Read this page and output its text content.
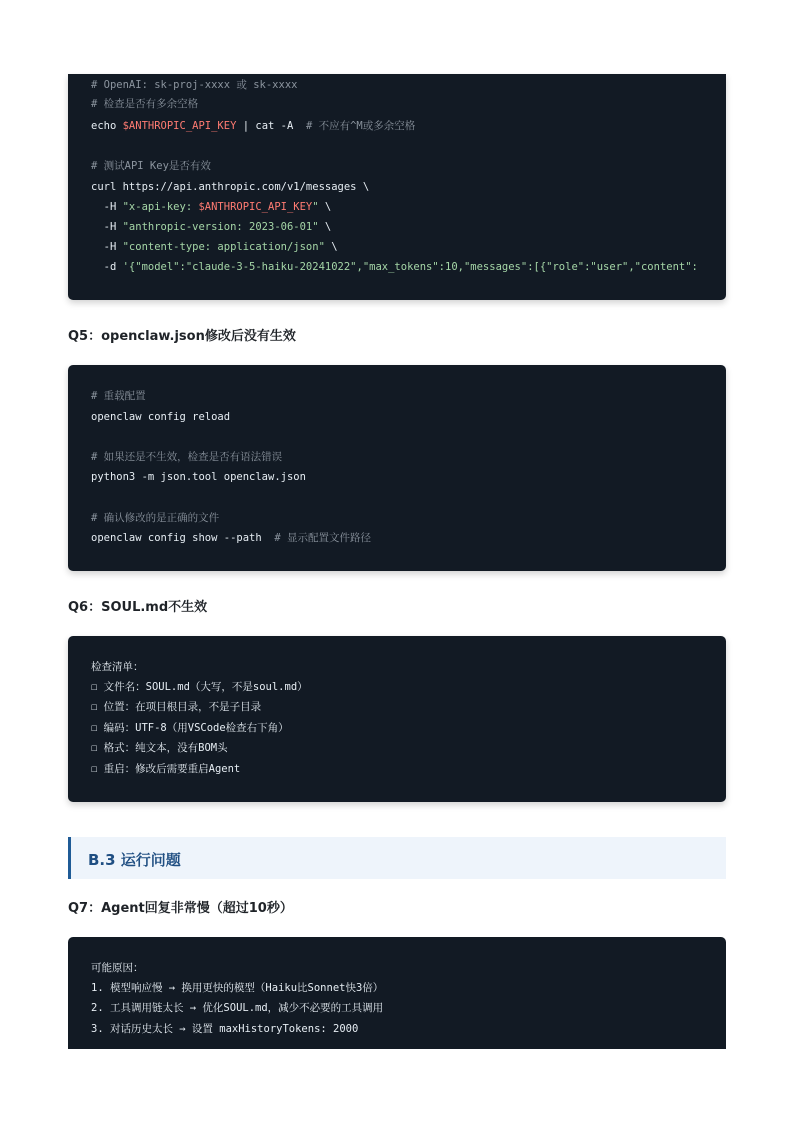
# OpenAI: sk-proj-xxxx 或 sk-xxxx
# 检查是否有多余空格
echo $ANTHROPIC_API_KEY | cat -A  # 不应有^M或多余空格
# 测试API Key是否有效
curl https://api.anthropic.com/v1/messages \
-H "x-api-key: $ANTHROPIC_API_KEY" \
-H "anthropic-version: 2023-06-01" \
-H "content-type: application/json" \
-d '{"model":"claude-3-5-haiku-20241022","max_tokens":10,"messages":[{"role":"user","content":
Q5：openclaw.json修改后没有生效
# 重载配置
openclaw config reload
# 如果还是不生效，检查是否有语法错误
python3 -m json.tool openclaw.json
# 确认修改的是正确的文件
openclaw config show --path  # 显示配置文件路径
Q6：SOUL.md不生效
检查清单：
☐ 文件名：SOUL.md（大写，不是soul.md）
☐ 位置：在项目根目录，不是子目录
☐ 编码：UTF-8（用VSCode检查右下角）
☐ 格式：纯文本，没有BOM头
☐ 重启：修改后需要重启Agent
B.3 运行问题
Q7：Agent回复非常慢（超过10秒）
可能原因：
1. 模型响应慢 → 换用更快的模型（Haiku比Sonnet快3倍）
2. 工具调用链太长 → 优化SOUL.md，减少不必要的工具调用
3. 对话历史太长 → 设置 maxHistoryTokens: 2000
